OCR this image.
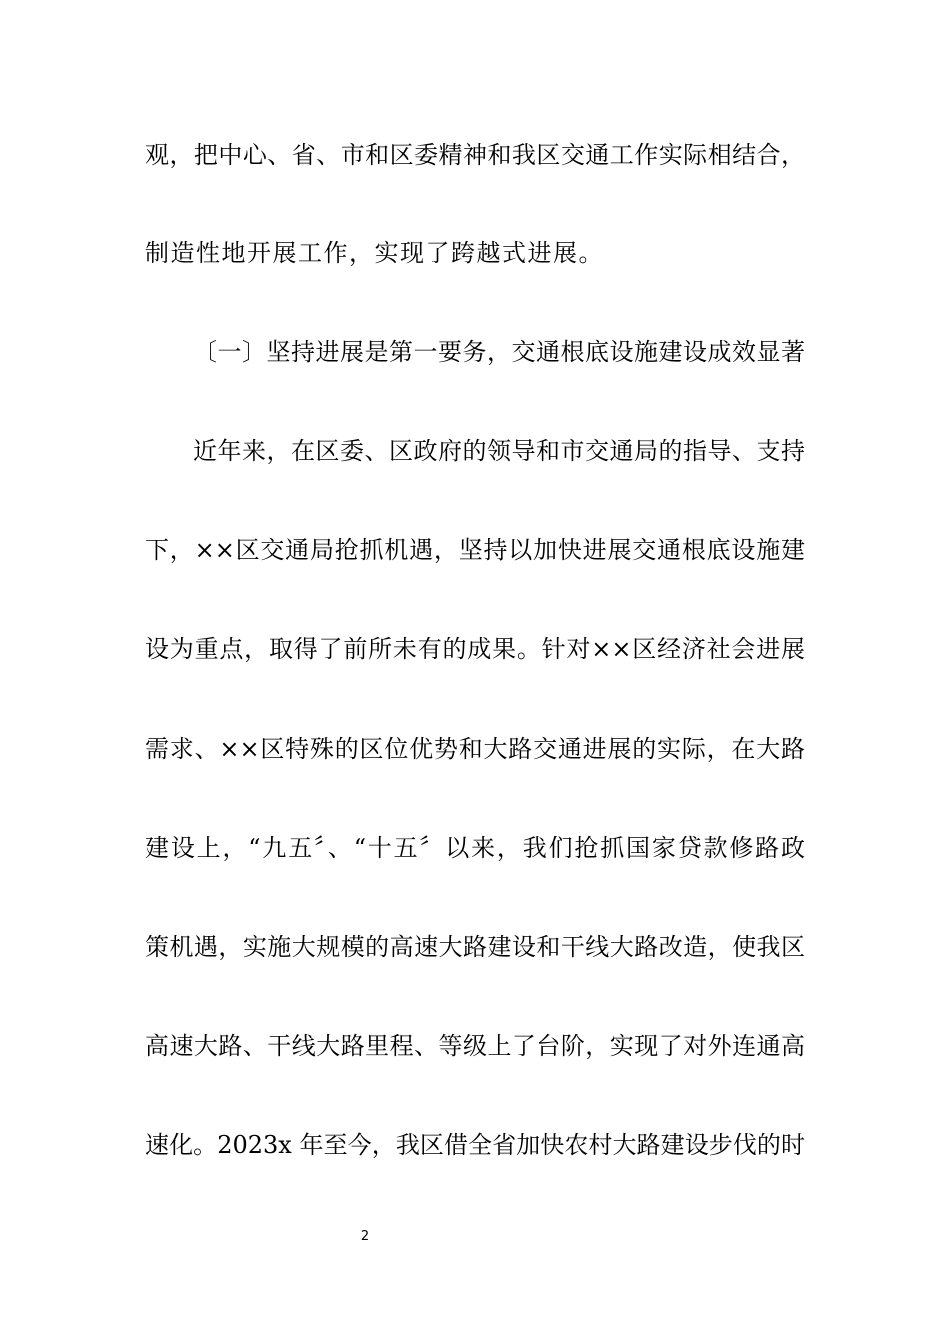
观，把中心、省、市和区委精神和我区交通工作实际相结合，
制造性地开展工作，实现了跨越式进展。
〔一〕坚持进展是第一要务，交通根底设施建设成效显著
近年来，在区委、区政府的领导和市交通局的指导、支持
下，××区交通局抢抓机遇，坚持以加快进展交通根底设施建
设为重点，取得了前所未有的成果。针对××区经济社会进展
需求、××区特殊的区位优势和大路交通进展的实际，在大路
建设上，“九五〞、“十五〞以来，我们抢抓国家贷款修路政
策机遇，实施大规模的高速大路建设和干线大路改造，使我区
高速大路、干线大路里程、等级上了台阶，实现了对外连通高
速化。2023x 年至今，我区借全省加快农村大路建设步伐的时
2
